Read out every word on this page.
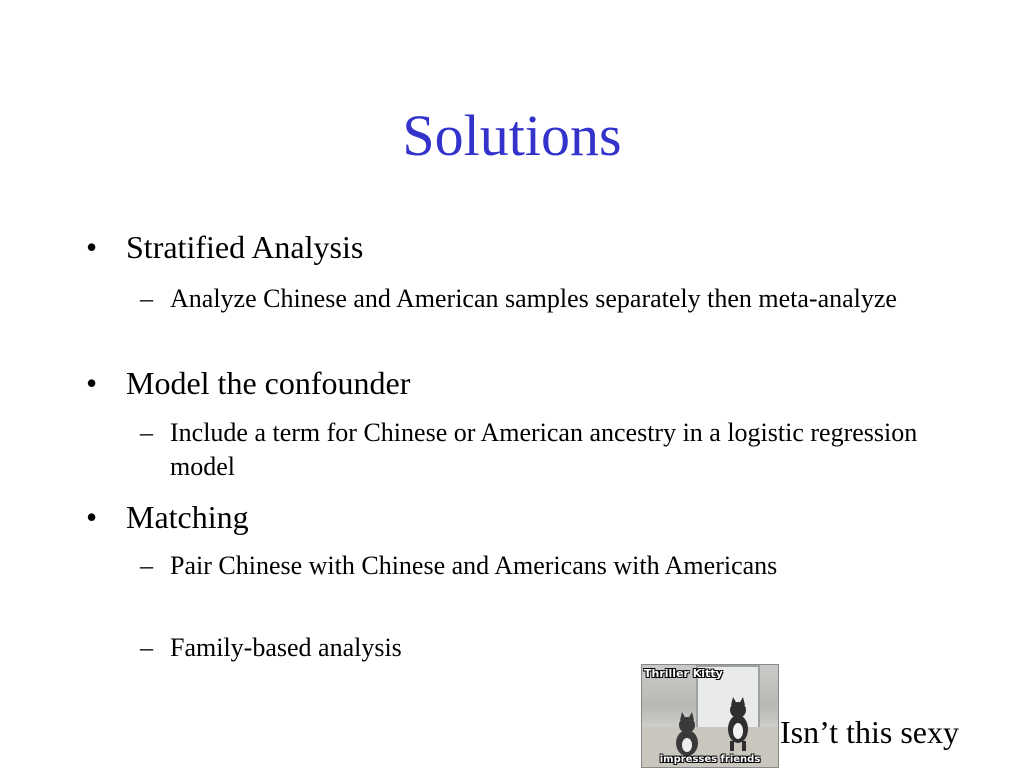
Solutions
• Stratified Analysis
– Analyze Chinese and American samples separately then meta-analyze
• Model the confounder
– Include a term for Chinese or American ancestry in a logistic regression model
• Matching
– Pair Chinese with Chinese and Americans with Americans
– Family-based analysis
Thriller Kitty
impresses friends
Isn’t this sexy
